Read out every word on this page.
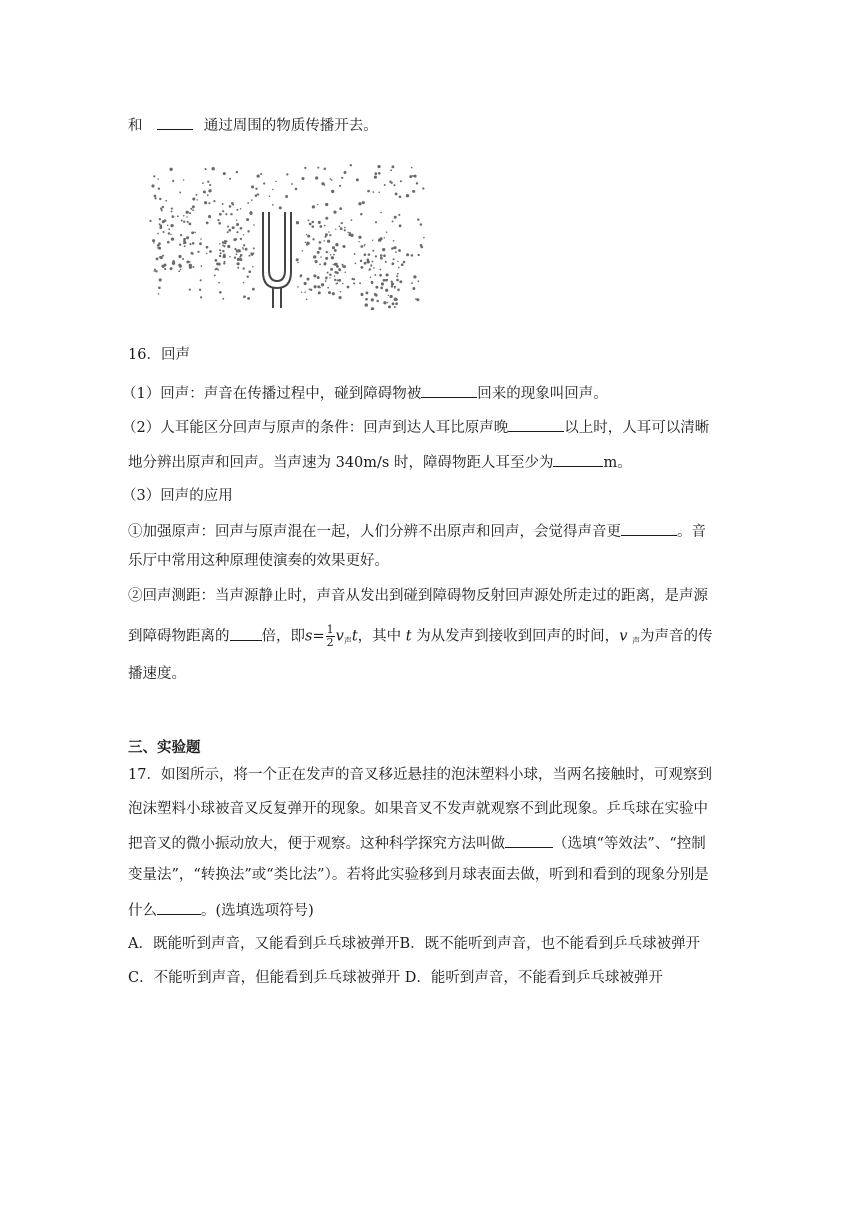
和	通过周围的物质传播开去。
16．回声
（1）回声：声音在传播过程中，碰到障碍物被	回来的现象叫回声。
（2）人耳能区分回声与原声的条件：回声到达人耳比原声晚	以上时，人耳可以清晰
地分辨出原声和回声。当声速为 340m/s 时，障碍物距人耳至少为	m。
（3）回声的应用
①加强原声：回声与原声混在一起，人们分辨不出原声和回声，会觉得声音更	。音
乐厅中常用这种原理使演奏的效果更好。
②回声测距：当声源静止时，声音从发出到碰到障碍物反射回声源处所走过的距离，是声源
到障碍物距离的 倍，即$s= \frac{1}{2} v_声t$，其中 t 为从发声到接收到回声的时间，v $_声$为声音的传
播速度。
三、实验题
17．如图所示，将一个正在发声的音叉移近悬挂的泡沫塑料小球，当两名接触时，可观察到
泡沫塑料小球被音叉反复弹开的现象。如果音叉不发声就观察不到此现象。乒乓球在实验中
把音叉的微小振动放大，便于观察。这种科学探究方法叫做	（选填“等效法”、“控制
变量法”，“转换法”或“类比法”）。若将此实验移到月球表面去做，听到和看到的现象分别是
什么	。(选填选项符号)
A．既能听到声音，又能看到乒乓球被弹开B．既不能听到声音，也不能看到乒乓球被弹开
C．不能听到声音，但能看到乒乓球被弹开 D．能听到声音，不能看到乒乓球被弹开
